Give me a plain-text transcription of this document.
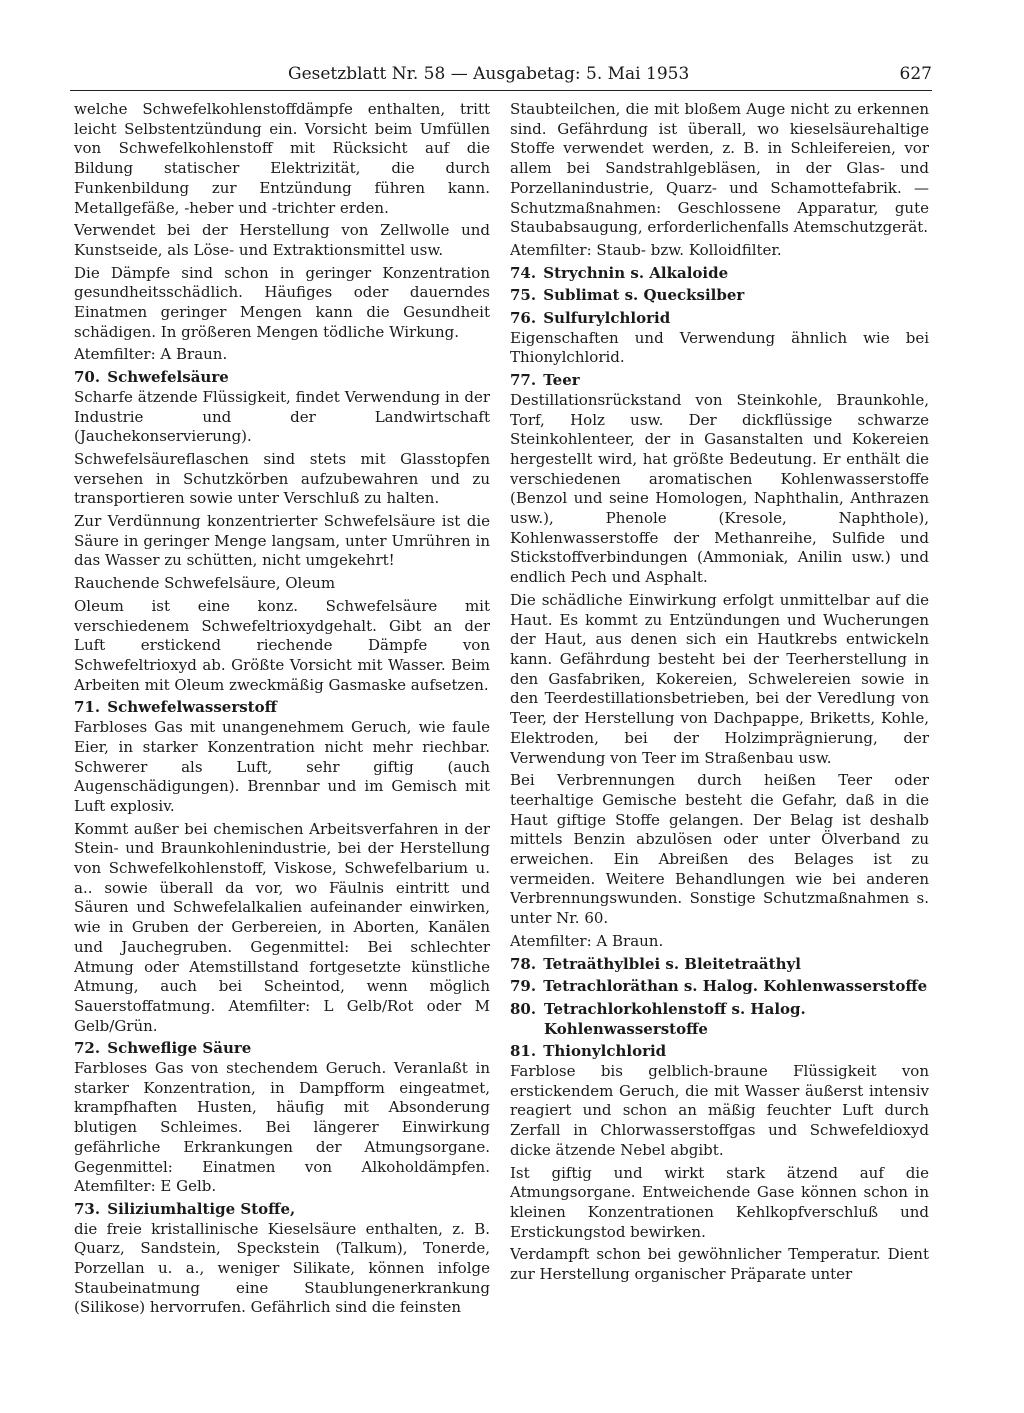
Gesetzblatt Nr. 58 — Ausgabetag: 5. Mai 1953	627

welche Schwefelkohlenstoffdämpfe enthalten, tritt leicht Selbstentzündung ein. Vorsicht beim Umfüllen von Schwefelkohlenstoff mit Rücksicht auf die Bildung statischer Elektrizität, die durch Funkenbildung zur Entzündung führen kann. Metallgefäße, -heber und -trichter erden.

Verwendet bei der Herstellung von Zellwolle und Kunstseide, als Löse- und Extraktionsmittel usw.

Die Dämpfe sind schon in geringer Konzentration gesundheitsschädlich. Häufiges oder dauerndes Einatmen geringer Mengen kann die Gesundheit schädigen. In größeren Mengen tödliche Wirkung.

Atemfilter: A Braun.

70. Schwefelsäure

Scharfe ätzende Flüssigkeit, findet Verwendung in der Industrie und der Landwirtschaft (Jauchekonservierung).

Schwefelsäureflaschen sind stets mit Glasstopfen versehen in Schutzkörben aufzubewahren und zu transportieren sowie unter Verschluß zu halten.

Zur Verdünnung konzentrierter Schwefelsäure ist die Säure in geringer Menge langsam, unter Umrühren in das Wasser zu schütten, nicht umgekehrt!

Rauchende Schwefelsäure, Oleum

Oleum ist eine konz. Schwefelsäure mit verschiedenem Schwefeltrioxydgehalt. Gibt an der Luft erstickend riechende Dämpfe von Schwefeltrioxyd ab. Größte Vorsicht mit Wasser. Beim Arbeiten mit Oleum zweckmäßig Gasmaske aufsetzen.

71. Schwefelwasserstoff

Farbloses Gas mit unangenehmem Geruch, wie faule Eier, in starker Konzentration nicht mehr riechbar. Schwerer als Luft, sehr giftig (auch Augenschädigungen). Brennbar und im Gemisch mit Luft explosiv.

Kommt außer bei chemischen Arbeitsverfahren in der Stein- und Braunkohlenindustrie, bei der Herstellung von Schwefelkohlenstoff, Viskose, Schwefelbarium u. a.. sowie überall da vor, wo Fäulnis eintritt und Säuren und Schwefelalkalien aufeinander einwirken, wie in Gruben der Gerbereien, in Aborten, Kanälen und Jauchegruben. Gegenmittel: Bei schlechter Atmung oder Atemstillstand fortgesetzte künstliche Atmung, auch bei Scheintod, wenn möglich Sauerstoffatmung. Atemfilter: L Gelb/Rot oder M Gelb/Grün.

72. Schweflige Säure

Farbloses Gas von stechendem Geruch. Veranlaßt in starker Konzentration, in Dampfform eingeatmet, krampfhaften Husten, häufig mit Absonderung blutigen Schleimes. Bei längerer Einwirkung gefährliche Erkrankungen der Atmungsorgane. Gegenmittel: Einatmen von Alkoholdämpfen. Atemfilter: E Gelb.

73. Siliziumhaltige Stoffe,

die freie kristallinische Kieselsäure enthalten, z. B. Quarz, Sandstein, Speckstein (Talkum), Tonerde, Porzellan u. a., weniger Silikate, können infolge Staubeinatmung eine Staublungenerkrankung (Silikose) hervorrufen. Gefährlich sind die feinsten

Staubteilchen, die mit bloßem Auge nicht zu erkennen sind. Gefährdung ist überall, wo kieselsäurehaltige Stoffe verwendet werden, z. B. in Schleifereien, vor allem bei Sandstrahlgebläsen, in der Glas- und Porzellanindustrie, Quarz- und Schamottefabrik. — Schutzmaßnahmen: Geschlossene Apparatur, gute Staubabsaugung, erforderlichenfalls Atemschutzgerät.

Atemfilter: Staub- bzw. Kolloidfilter.

74. Strychnin s. Alkaloide
75. Sublimat s. Quecksilber
76. Sulfurylchlorid

Eigenschaften und Verwendung ähnlich wie bei Thionylchlorid.

77. Teer

Destillationsrückstand von Steinkohle, Braunkohle, Torf, Holz usw. Der dickflüssige schwarze Steinkohlenteer, der in Gasanstalten und Kokereien hergestellt wird, hat größte Bedeutung. Er enthält die verschiedenen aromatischen Kohlenwasserstoffe (Benzol und seine Homologen, Naphthalin, Anthrazen usw.), Phenole (Kresole, Naphthole), Kohlenwasserstoffe der Methanreihe, Sulfide und Stickstoffverbindungen (Ammoniak, Anilin usw.) und endlich Pech und Asphalt.

Die schädliche Einwirkung erfolgt unmittelbar auf die Haut. Es kommt zu Entzündungen und Wucherungen der Haut, aus denen sich ein Hautkrebs entwickeln kann. Gefährdung besteht bei der Teerherstellung in den Gasfabriken, Kokereien, Schwelereien sowie in den Teerdestillationsbetrieben, bei der Veredlung von Teer, der Herstellung von Dachpappe, Briketts, Kohle, Elektroden, bei der Holzimprägnierung, der Verwendung von Teer im Straßenbau usw.

Bei Verbrennungen durch heißen Teer oder teerhaltige Gemische besteht die Gefahr, daß in die Haut giftige Stoffe gelangen. Der Belag ist deshalb mittels Benzin abzulösen oder unter Ölverband zu erweichen. Ein Abreißen des Belages ist zu vermeiden. Weitere Behandlungen wie bei anderen Verbrennungswunden. Sonstige Schutzmaßnahmen s. unter Nr. 60.

Atemfilter: A Braun.

78. Tetraäthylblei s. Bleitetraäthyl
79. Tetrachloräthan s. Halog. Kohlenwasserstoffe
80. Tetrachlorkohlenstoff s. Halog. Kohlenwasserstoffe
81. Thionylchlorid

Farblose bis gelblich-braune Flüssigkeit von erstickendem Geruch, die mit Wasser äußerst intensiv reagiert und schon an mäßig feuchter Luft durch Zerfall in Chlorwasserstoffgas und Schwefeldioxyd dicke ätzende Nebel abgibt.

Ist giftig und wirkt stark ätzend auf die Atmungsorgane. Entweichende Gase können schon in kleinen Konzentrationen Kehlkopfverschluß und Erstickungstod bewirken.

Verdampft schon bei gewöhnlicher Temperatur. Dient zur Herstellung organischer Präparate unter
